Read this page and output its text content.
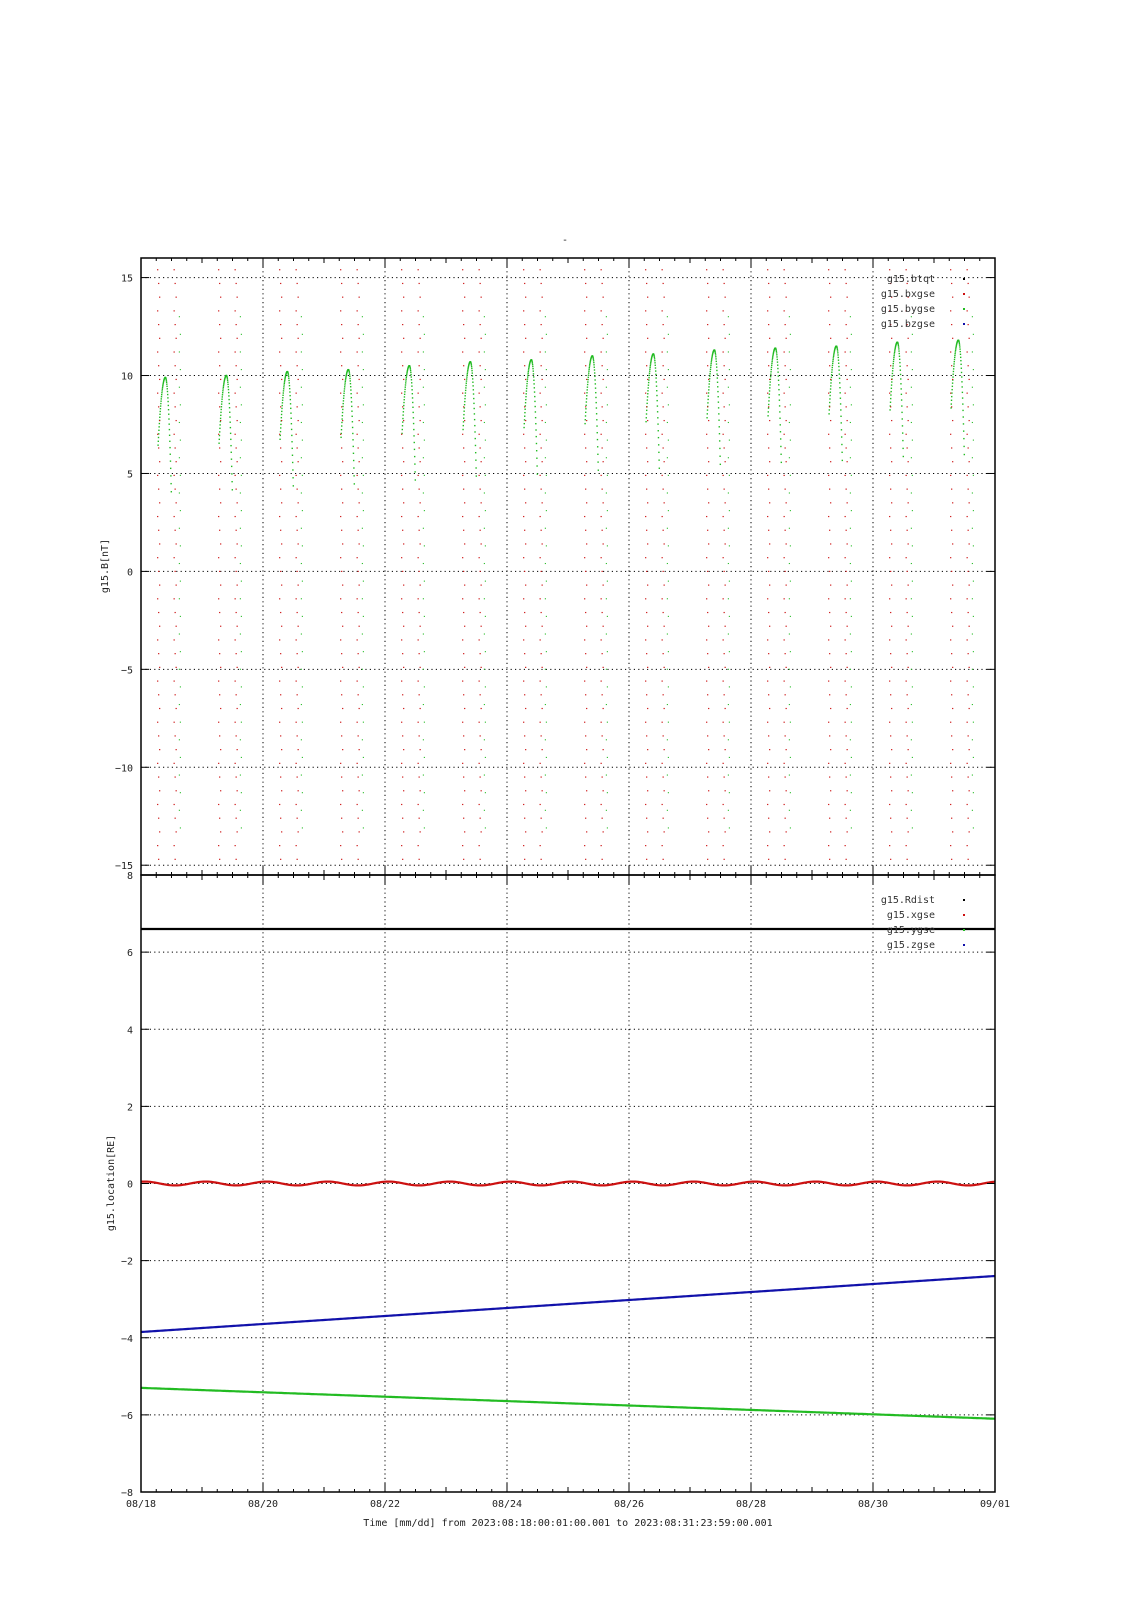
-
−15
−10
−5
0
5
10
15
g15.B[nT]
g15.btqt
g15.bxgse
g15.bygse
g15.bzgse
−8
−6
−4
−2
0
2
4
6
8
g15.location[RE]
g15.Rdist
g15.xgse
g15.ygse
g15.zgse
08/18	08/20	08/22	08/24	08/26	08/28	08/30	09/01
Time [mm/dd] from 2023:08:18:00:01:00.001 to 2023:08:31:23:59:00.001
